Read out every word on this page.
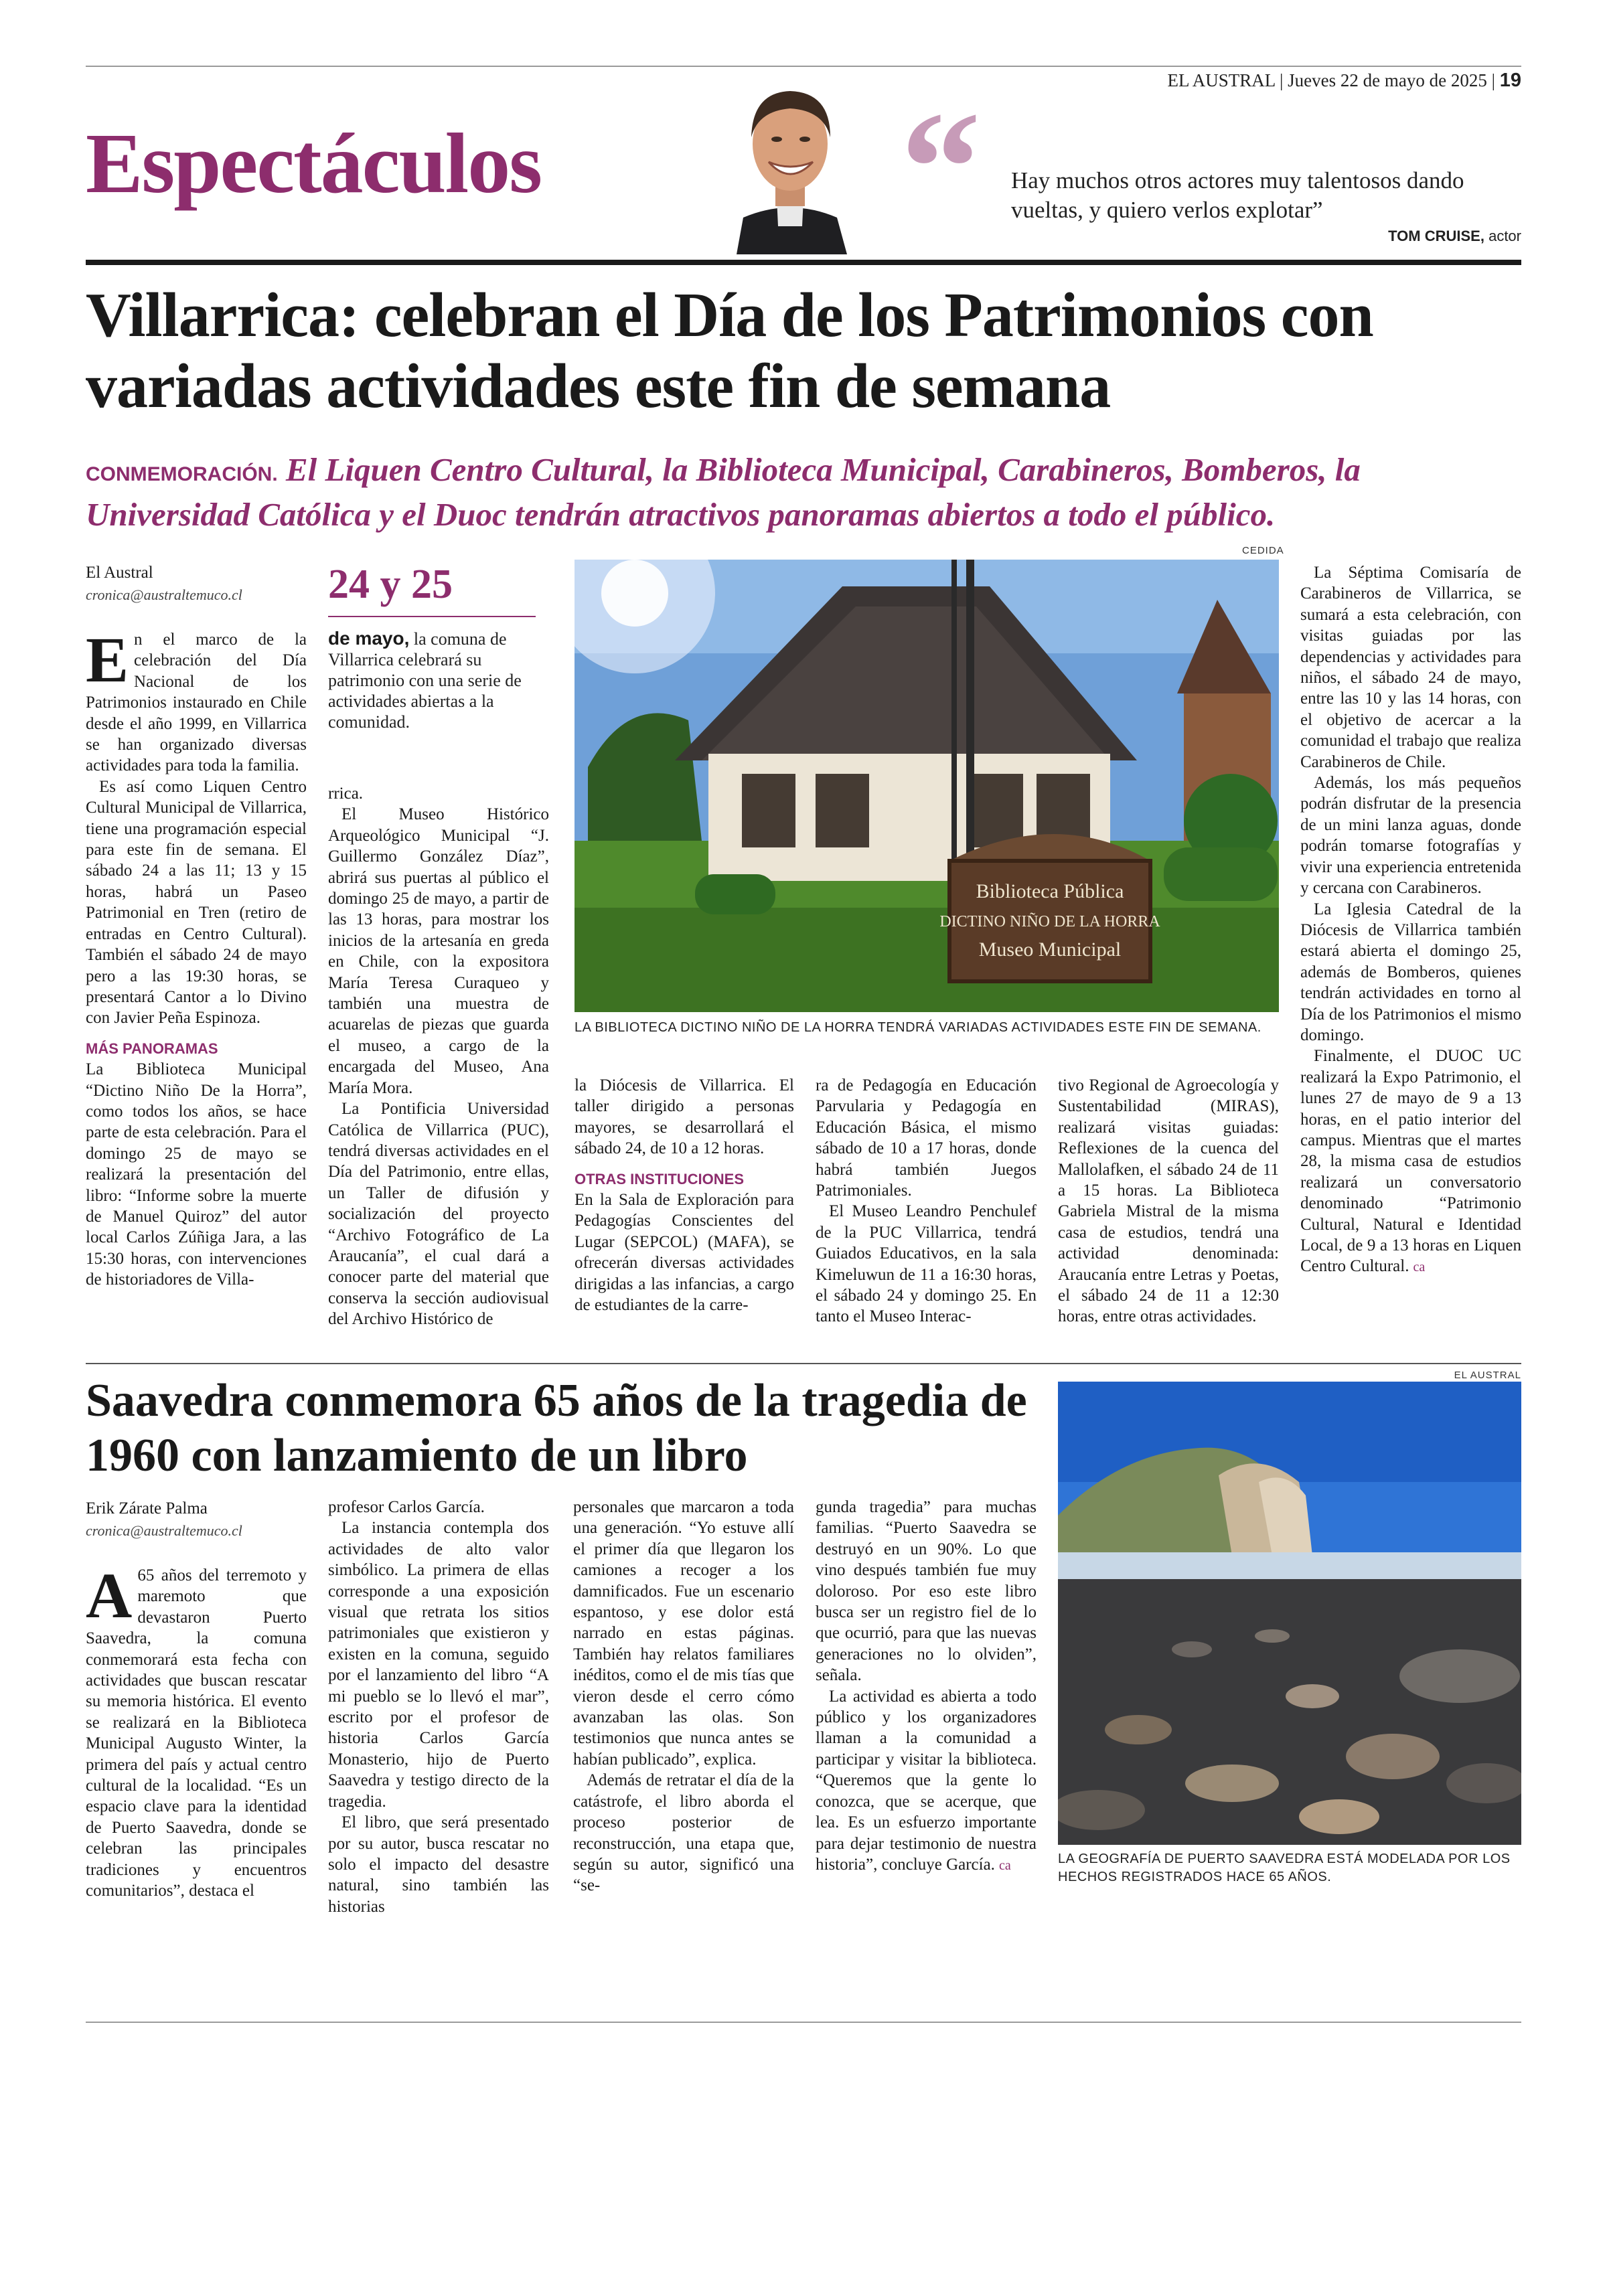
EL AUSTRAL | Jueves 22 de mayo de 2025 | 19
Espectáculos “ Hay muchos otros actores muy talentosos dando vueltas, y quiero verlos explotar”
TOM CRUISE, actor
Villarrica: celebran el Día de los Patrimonios con variadas actividades este fin de semana
CONMEMORACIÓN. El Liquen Centro Cultural, la Biblioteca Municipal, Carabineros, Bomberos, la Universidad Católica y el Duoc tendrán atractivos panoramas abiertos a todo el público.
El Austral
cronica@australtemuco.cl 24 y 25
de mayo, la comuna de Villarrica celebrará su patrimonio con una serie de actividades abiertas a la comunidad.

En el marco de la celebración del Día Nacional de los Patrimonios instaurado en Chile desde el año 1999, en Villarrica se han organizado diversas actividades para toda la familia.

Es así como Liquen Centro Cultural Municipal de Villarrica, tiene una programación especial para este fin de semana. El sábado 24 a las 11; 13 y 15 horas, habrá un Paseo Patrimonial en Tren (retiro de entradas en Centro Cultural). También el sábado 24 de mayo pero a las 19:30 horas, se presentará Cantor a lo Divino con Javier Peña Espinoza.

MÁS PANORAMAS

La Biblioteca Municipal “Dictino Niño De la Horra”, como todos los años, se hace parte de esta celebración. Para el domingo 25 de mayo se realizará la presentación del libro: “Informe sobre la muerte de Manuel Quiroz” del autor local Carlos Zúñiga Jara, a las 15:30 horas, con intervenciones de historiadores de Villa-

rrica.

El Museo Histórico Arqueológico Municipal “J. Guillermo González Díaz”, abrirá sus puertas al público el domingo 25 de mayo, a partir de las 13 horas, para mostrar los inicios de la artesanía en greda en Chile, con la expositora María Teresa Curaqueo y también una muestra de acuarelas de piezas que guarda el museo, a cargo de la encargada del Museo, Ana María Mora.

La Pontificia Universidad Católica de Villarrica (PUC), tendrá diversas actividades en el Día del Patrimonio, entre ellas, un Taller de difusión y socialización del proyecto “Archivo Fotográfico de La Araucanía”, el cual dará a conocer parte del material que conserva la sección audiovisual del Archivo Histórico de

CEDIDA
Biblioteca Pública
DICTINO NIÑO DE LA HORRA
Museo Municipal
LA BIBLIOTECA DICTINO NIÑO DE LA HORRA TENDRÁ VARIADAS ACTIVIDADES ESTE FIN DE SEMANA.

la Diócesis de Villarrica. El taller dirigido a personas mayores, se desarrollará el sábado 24, de 10 a 12 horas.

OTRAS INSTITUCIONES

En la Sala de Exploración para Pedagogías Conscientes del Lugar (SEPCOL) (MAFA), se ofrecerán diversas actividades dirigidas a las infancias, a cargo de estudiantes de la carre-

ra de Pedagogía en Educación Parvularia y Pedagogía en Educación Básica, el mismo sábado de 10 a 17 horas, donde habrá también Juegos Patrimoniales.

El Museo Leandro Penchulef de la PUC Villarrica, tendrá Guiados Educativos, en la sala Kimeluwun de 11 a 16:30 horas, el sábado 24 y domingo 25. En tanto el Museo Interac-

tivo Regional de Agroecología y Sustentabilidad (MIRAS), realizará visitas guiadas: Reflexiones de la cuenca del Mallolafken, el sábado 24 de 11 a 15 horas. La Biblioteca Gabriela Mistral de la misma casa de estudios, tendrá una actividad denominada: Araucanía entre Letras y Poetas, el sábado 24 de 11 a 12:30 horas, entre otras actividades.

La Séptima Comisaría de Carabineros de Villarrica, se sumará a esta celebración, con visitas guiadas por las dependencias y actividades para niños, el sábado 24 de mayo, entre las 10 y las 14 horas, con el objetivo de acercar a la comunidad el trabajo que realiza Carabineros de Chile.

Además, los más pequeños podrán disfrutar de la presencia de un mini lanza aguas, donde podrán tomarse fotografías y vivir una experiencia entretenida y cercana con Carabineros.

La Iglesia Catedral de la Diócesis de Villarrica también estará abierta el domingo 25, además de Bomberos, quienes tendrán actividades en torno al Día de los Patrimonios el mismo domingo.

Finalmente, el DUOC UC realizará la Expo Patrimonio, el lunes 27 de mayo de 9 a 13 horas, en el patio interior del campus. Mientras que el martes 28, la misma casa de estudios realizará un conversatorio denominado “Patrimonio Cultural, Natural e Identidad Local, de 9 a 13 horas en Liquen Centro Cultural. ca

Saavedra conmemora 65 años de la tragedia de 1960 con lanzamiento de un libro
Erik Zárate Palma
cronica@australtemuco.cl

A 65 años del terremoto y maremoto que devastaron Puerto Saavedra, la comuna conmemorará esta fecha con actividades que buscan rescatar su memoria histórica. El evento se realizará en la Biblioteca Municipal Augusto Winter, la primera del país y actual centro cultural de la localidad. “Es un espacio clave para la identidad de Puerto Saavedra, donde se celebran las principales tradiciones y encuentros comunitarios”, destaca el

profesor Carlos García.

La instancia contempla dos actividades de alto valor simbólico. La primera de ellas corresponde a una exposición visual que retrata los sitios patrimoniales que existieron y existen en la comuna, seguido por el lanzamiento del libro “A mi pueblo se lo llevó el mar”, escrito por el profesor de historia Carlos García Monasterio, hijo de Puerto Saavedra y testigo directo de la tragedia.

El libro, que será presentado por su autor, busca rescatar no solo el impacto del desastre natural, sino también las historias

personales que marcaron a toda una generación. “Yo estuve allí el primer día que llegaron los camiones a recoger a los damnificados. Fue un escenario espantoso, y ese dolor está narrado en estas páginas. También hay relatos familiares inéditos, como el de mis tías que vieron desde el cerro cómo avanzaban las olas. Son testimonios que nunca antes se habían publicado”, explica.

Además de retratar el día de la catástrofe, el libro aborda el proceso posterior de reconstrucción, una etapa que, según su autor, significó una “se-

gunda tragedia” para muchas familias. “Puerto Saavedra se destruyó en un 90%. Lo que vino después también fue muy doloroso. Por eso este libro busca ser un registro fiel de lo que ocurrió, para que las nuevas generaciones no lo olviden”, señala.

La actividad es abierta a todo público y los organizadores llaman a la comunidad a participar y visitar la biblioteca. “Queremos que la gente lo conozca, que se acerque, que lea. Es un esfuerzo importante para dejar testimonio de nuestra historia”, concluye García. ca

EL AUSTRAL
LA GEOGRAFÍA DE PUERTO SAAVEDRA ESTÁ MODELADA POR LOS HECHOS REGISTRADOS HACE 65 AÑOS.
